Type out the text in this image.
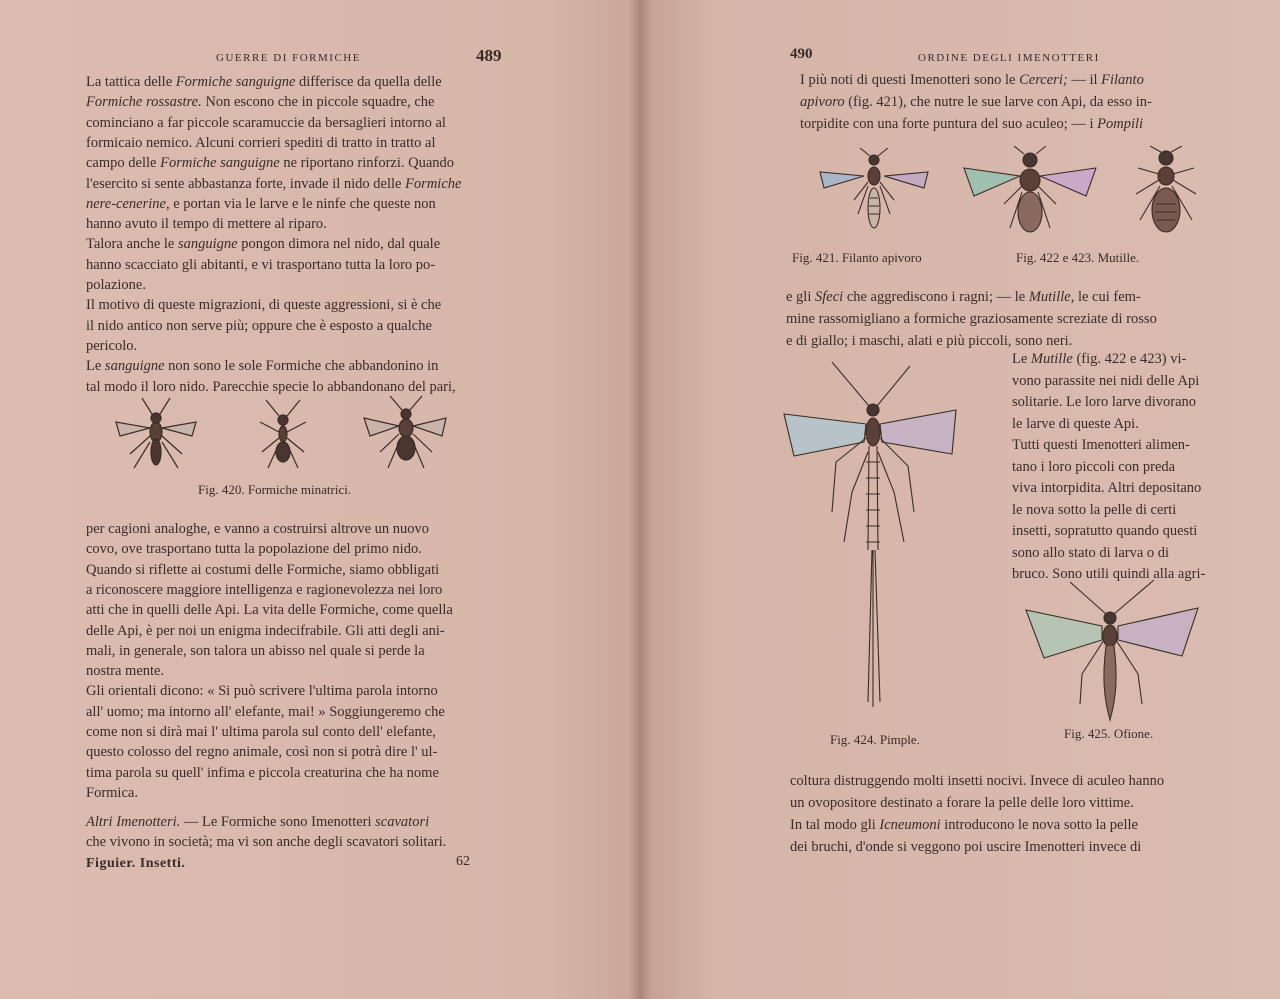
GUERRE DI FORMICHE	489
Fig. 420. Formiche minatrici.
Figuier. Insetti.	62
La tattica delle Formiche sanguigne differisce da quella delle
Formiche rossastre. Non escono che in piccole squadre, che
cominciano a far piccole scaramuccie da bersaglieri intorno al
formicaio nemico. Alcuni corrieri spediti di tratto in tratto al
campo delle Formiche sanguigne ne riportano rinforzi. Quando
l'esercito si sente abbastanza forte, invade il nido delle Formiche
nere-cenerine, e portan via le larve e le ninfe che queste non
hanno avuto il tempo di mettere al riparo.
Talora anche le sanguigne pongon dimora nel nido, dal quale
hanno scacciato gli abitanti, e vi trasportano tutta la loro po-
polazione.
Il motivo di queste migrazioni, di queste aggressioni, si è che
il nido antico non serve più; oppure che è esposto a qualche
pericolo.
Le sanguigne non sono le sole Formiche che abbandonino in
tal modo il loro nido. Parecchie specie lo abbandonano del pari,
per cagioni analoghe, e vanno a costruirsi altrove un nuovo
covo, ove trasportano tutta la popolazione del primo nido.
Quando si riflette ai costumi delle Formiche, siamo obbligati
a riconoscere maggiore intelligenza e ragionevolezza nei loro
atti che in quelli delle Api. La vita delle Formiche, come quella
delle Api, è per noi un enigma indecifrabile. Gli atti degli ani-
mali, in generale, son talora un abisso nel quale si perde la
nostra mente.
Gli orientali dicono: « Si può scrivere l'ultima parola intorno
all' uomo; ma intorno all' elefante, mai! » Soggiungeremo che
come non si dirà mai l' ultima parola sul conto dell' elefante,
questo colosso del regno animale, così non si potrà dire l' ul-
tima parola su quell' infima e piccola creaturina che ha nome
Formica.
Altri Imenotteri. — Le Formiche sono Imenotteri scavatori
che vivono in società; ma vi son anche degli scavatori solitari.
490	ORDINE DEGLI IMENOTTERI
Fig. 421. Filanto apivoro	Fig. 422 e 423. Mutille.
Fig. 424. Pimple.	Fig. 425. Ofione.
I più noti di questi Imenotteri sono le Cerceri; — il Filanto
apivoro (fig. 421), che nutre le sue larve con Api, da esso in-
torpidite con una forte puntura del suo aculeo; — i Pompili
e gli Sfeci che aggrediscono i ragni; — le Mutille, le cui fem-
mine rassomigliano a formiche graziosamente screziate di rosso
e di giallo; i maschi, alati e più piccoli, sono neri.
Le Mutille (fig. 422 e 423) vi-
vono parassite nei nidi delle Api
solitarie. Le loro larve divorano
le larve di queste Api.
Tutti questi Imenotteri alimen-
tano i loro piccoli con preda
viva intorpidita. Altri depositano
le nova sotto la pelle di certi
insetti, sopratutto quando questi
sono allo stato di larva o di
bruco. Sono utili quindi alla agri-
coltura distruggendo molti insetti nocivi. Invece di aculeo hanno
un ovopositore destinato a forare la pelle delle loro vittime.
In tal modo gli Icneumoni introducono le nova sotto la pelle
dei bruchi, d'onde si veggono poi uscire Imenotteri invece di
